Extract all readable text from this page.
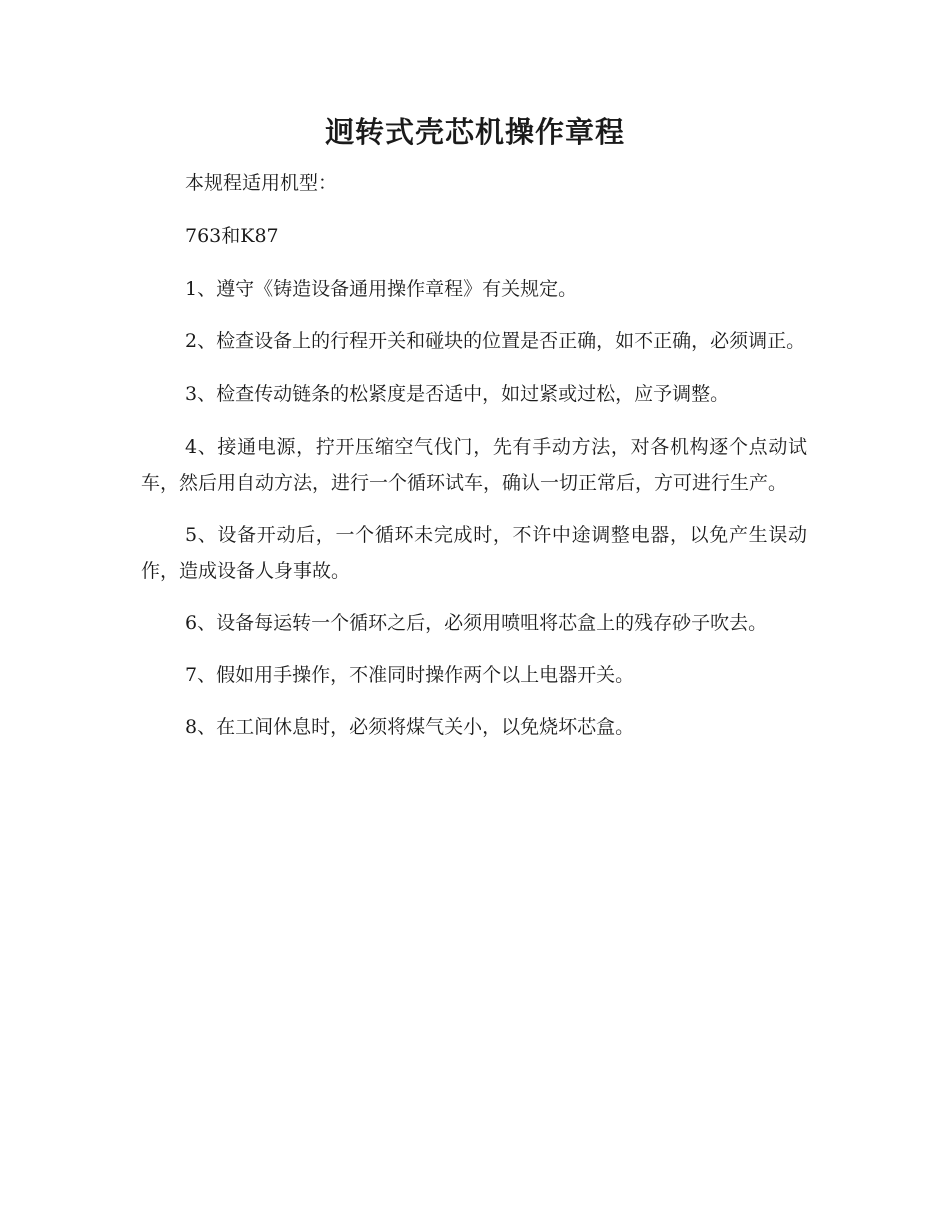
迥转式壳芯机操作章程

本规程适用机型：

763和K87

1、遵守《铸造设备通用操作章程》有关规定。

2、检查设备上的行程开关和碰块的位置是否正确，如不正确，必须调正。

3、检查传动链条的松紧度是否适中，如过紧或过松，应予调整。

4、接通电源，拧开压缩空气伐门，先有手动方法，对各机构逐个点动试车，然后用自动方法，进行一个循环试车，确认一切正常后，方可进行生产。

5、设备开动后，一个循环未完成时，不许中途调整电器，以免产生误动作，造成设备人身事故。

6、设备每运转一个循环之后，必须用喷咀将芯盒上的残存砂子吹去。

7、假如用手操作，不准同时操作两个以上电器开关。

8、在工间休息时，必须将煤气关小，以免烧坏芯盒。
